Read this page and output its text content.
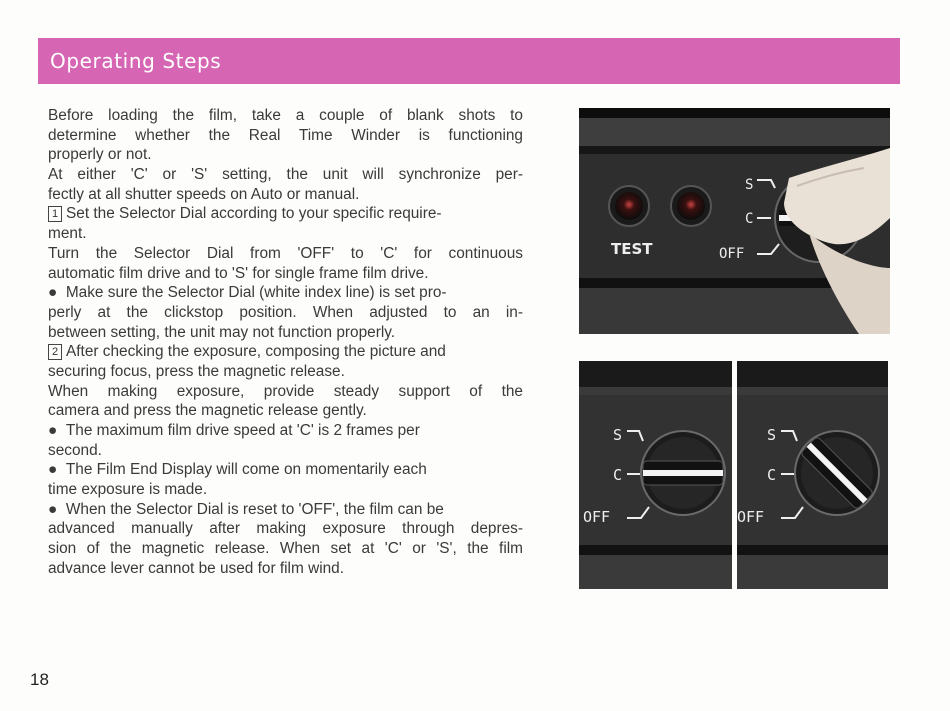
Operating Steps
Before loading the film, take a couple of blank shots to
determine whether the Real Time Winder is functioning
properly or not.
At either 'C' or 'S' setting, the unit will synchronize per-
fectly at all shutter speeds on Auto or manual.
1 Set the Selector Dial according to your specific require-
ment.
Turn the Selector Dial from 'OFF' to 'C' for continuous
automatic film drive and to 'S' for single frame film drive.
● Make sure the Selector Dial (white index line) is set pro-
perly at the clickstop position. When adjusted to an in-
between setting, the unit may not function properly.
2 After checking the exposure, composing the picture and
securing focus, press the magnetic release.
When making exposure, provide steady support of the
camera and press the magnetic release gently.
● The maximum film drive speed at 'C' is 2 frames per
second.
● The Film End Display will come on momentarily each
time exposure is made.
● When the Selector Dial is reset to 'OFF', the film can be
advanced manually after making exposure through depres-
sion of the magnetic release. When set at 'C' or 'S', the film
advance lever cannot be used for film wind.
TEST
S
C
OFF
S
C
OFF
S
C
OFF
18
